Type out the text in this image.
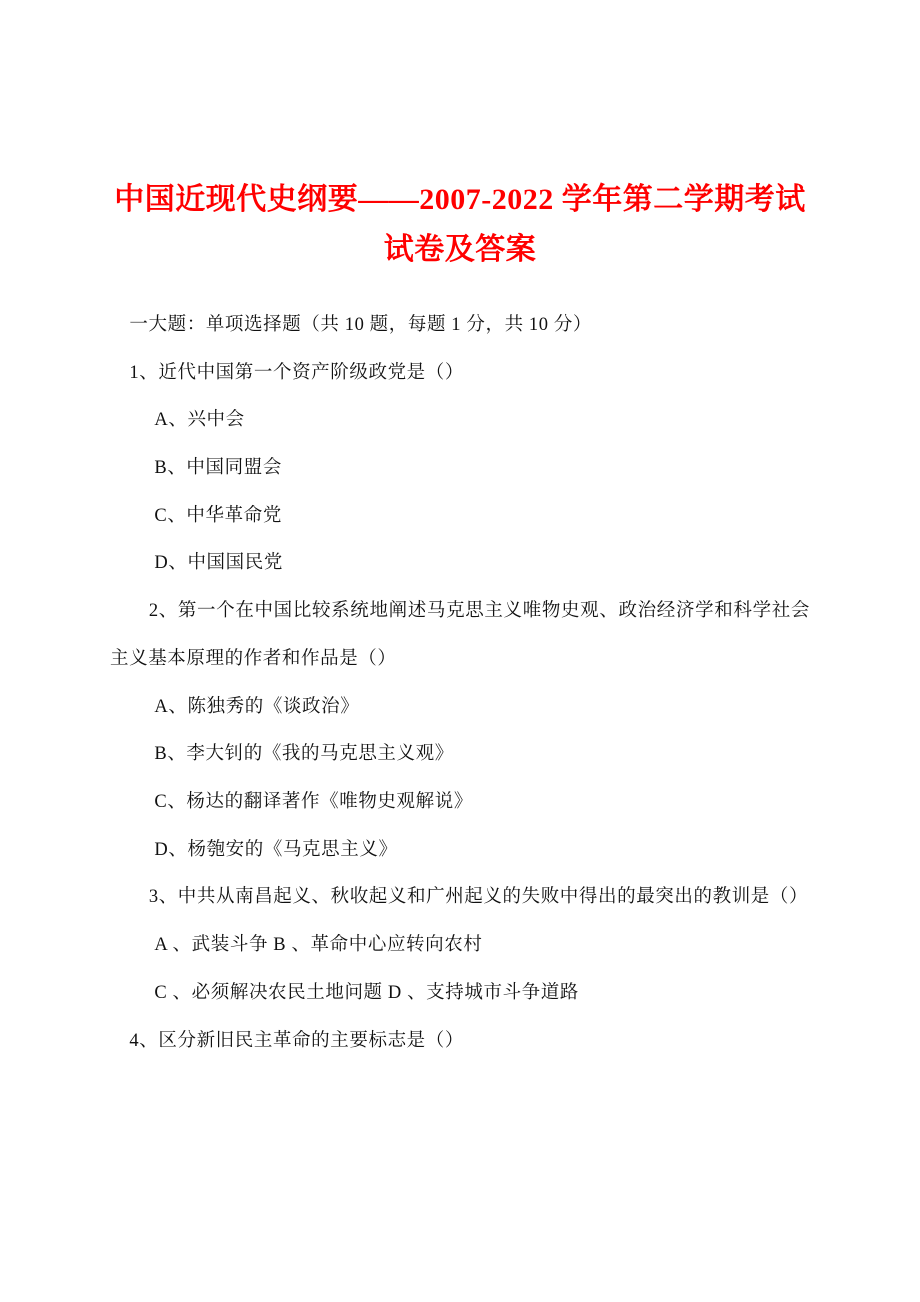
中国近现代史纲要——2007-2022 学年第二学期考试试卷及答案

一大题：单项选择题（共 10 题，每题 1 分，共 10 分）

1、近代中国第一个资产阶级政党是（）

A、兴中会

B、中国同盟会

C、中华革命党

D、中国国民党

2、第一个在中国比较系统地阐述马克思主义唯物史观、政治经济学和科学社会主义基本原理的作者和作品是（）

A、陈独秀的《谈政治》

B、李大钊的《我的马克思主义观》

C、杨达的翻译著作《唯物史观解说》

D、杨匏安的《马克思主义》

3、中共从南昌起义、秋收起义和广州起义的失败中得出的最突出的教训是（）

A 、武装斗争 B 、革命中心应转向农村

C 、必须解决农民土地问题 D 、支持城市斗争道路

4、区分新旧民主革命的主要标志是（）
